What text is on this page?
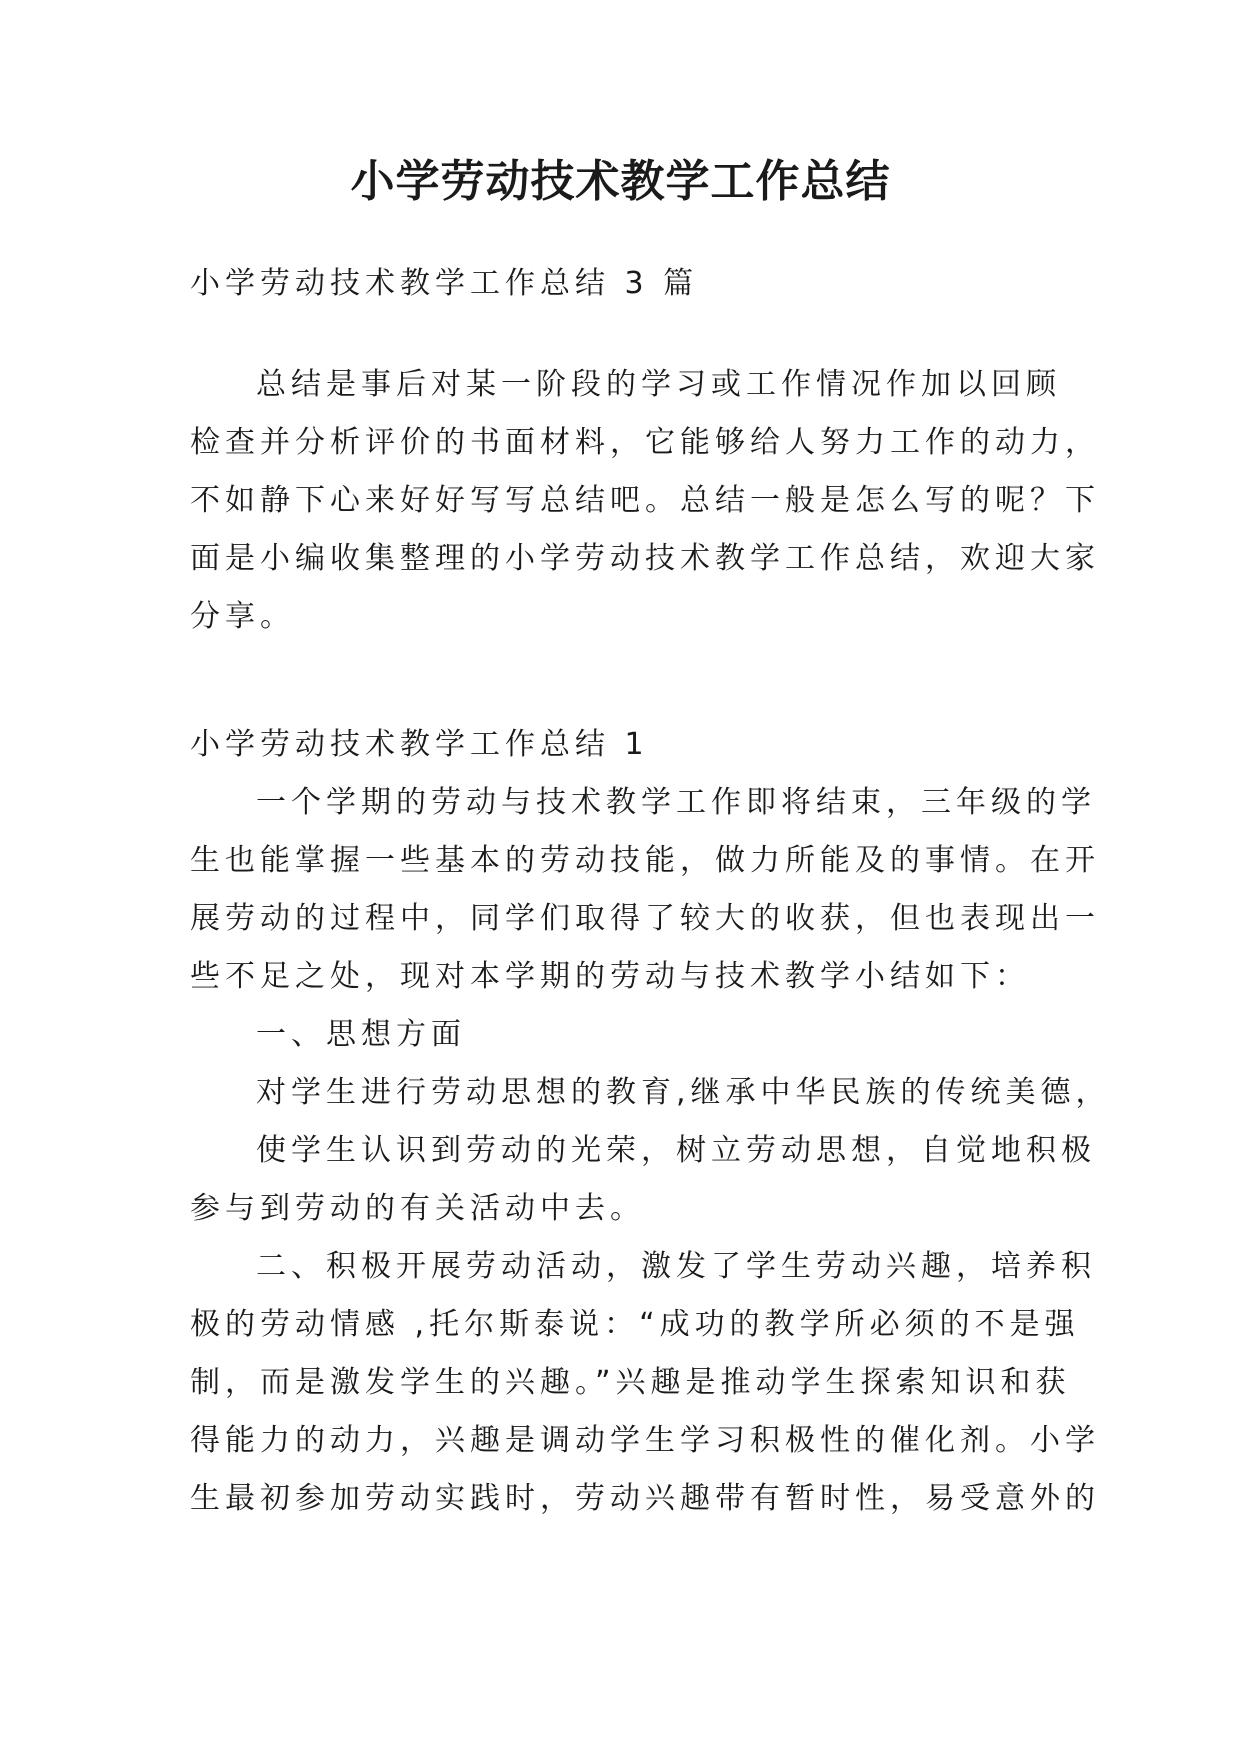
小学劳动技术教学工作总结

小学劳动技术教学工作总结 3 篇

总结是事后对某一阶段的学习或工作情况作加以回顾
检查并分析评价的书面材料，它能够给人努力工作的动力，
不如静下心来好好写写总结吧。总结一般是怎么写的呢？下
面是小编收集整理的小学劳动技术教学工作总结，欢迎大家
分享。

小学劳动技术教学工作总结 1

一个学期的劳动与技术教学工作即将结束，三年级的学
生也能掌握一些基本的劳动技能，做力所能及的事情。在开
展劳动的过程中，同学们取得了较大的收获，但也表现出一
些不足之处，现对本学期的劳动与技术教学小结如下：
一、思想方面
对学生进行劳动思想的教育,继承中华民族的传统美德，
使学生认识到劳动的光荣，树立劳动思想，自觉地积极
参与到劳动的有关活动中去。
二、积极开展劳动活动，激发了学生劳动兴趣，培养积
极的劳动情感 ,托尔斯泰说：“成功的教学所必须的不是强
制，而是激发学生的兴趣。”兴趣是推动学生探索知识和获
得能力的动力，兴趣是调动学生学习积极性的催化剂。小学
生最初参加劳动实践时，劳动兴趣带有暂时性，易受意外的
